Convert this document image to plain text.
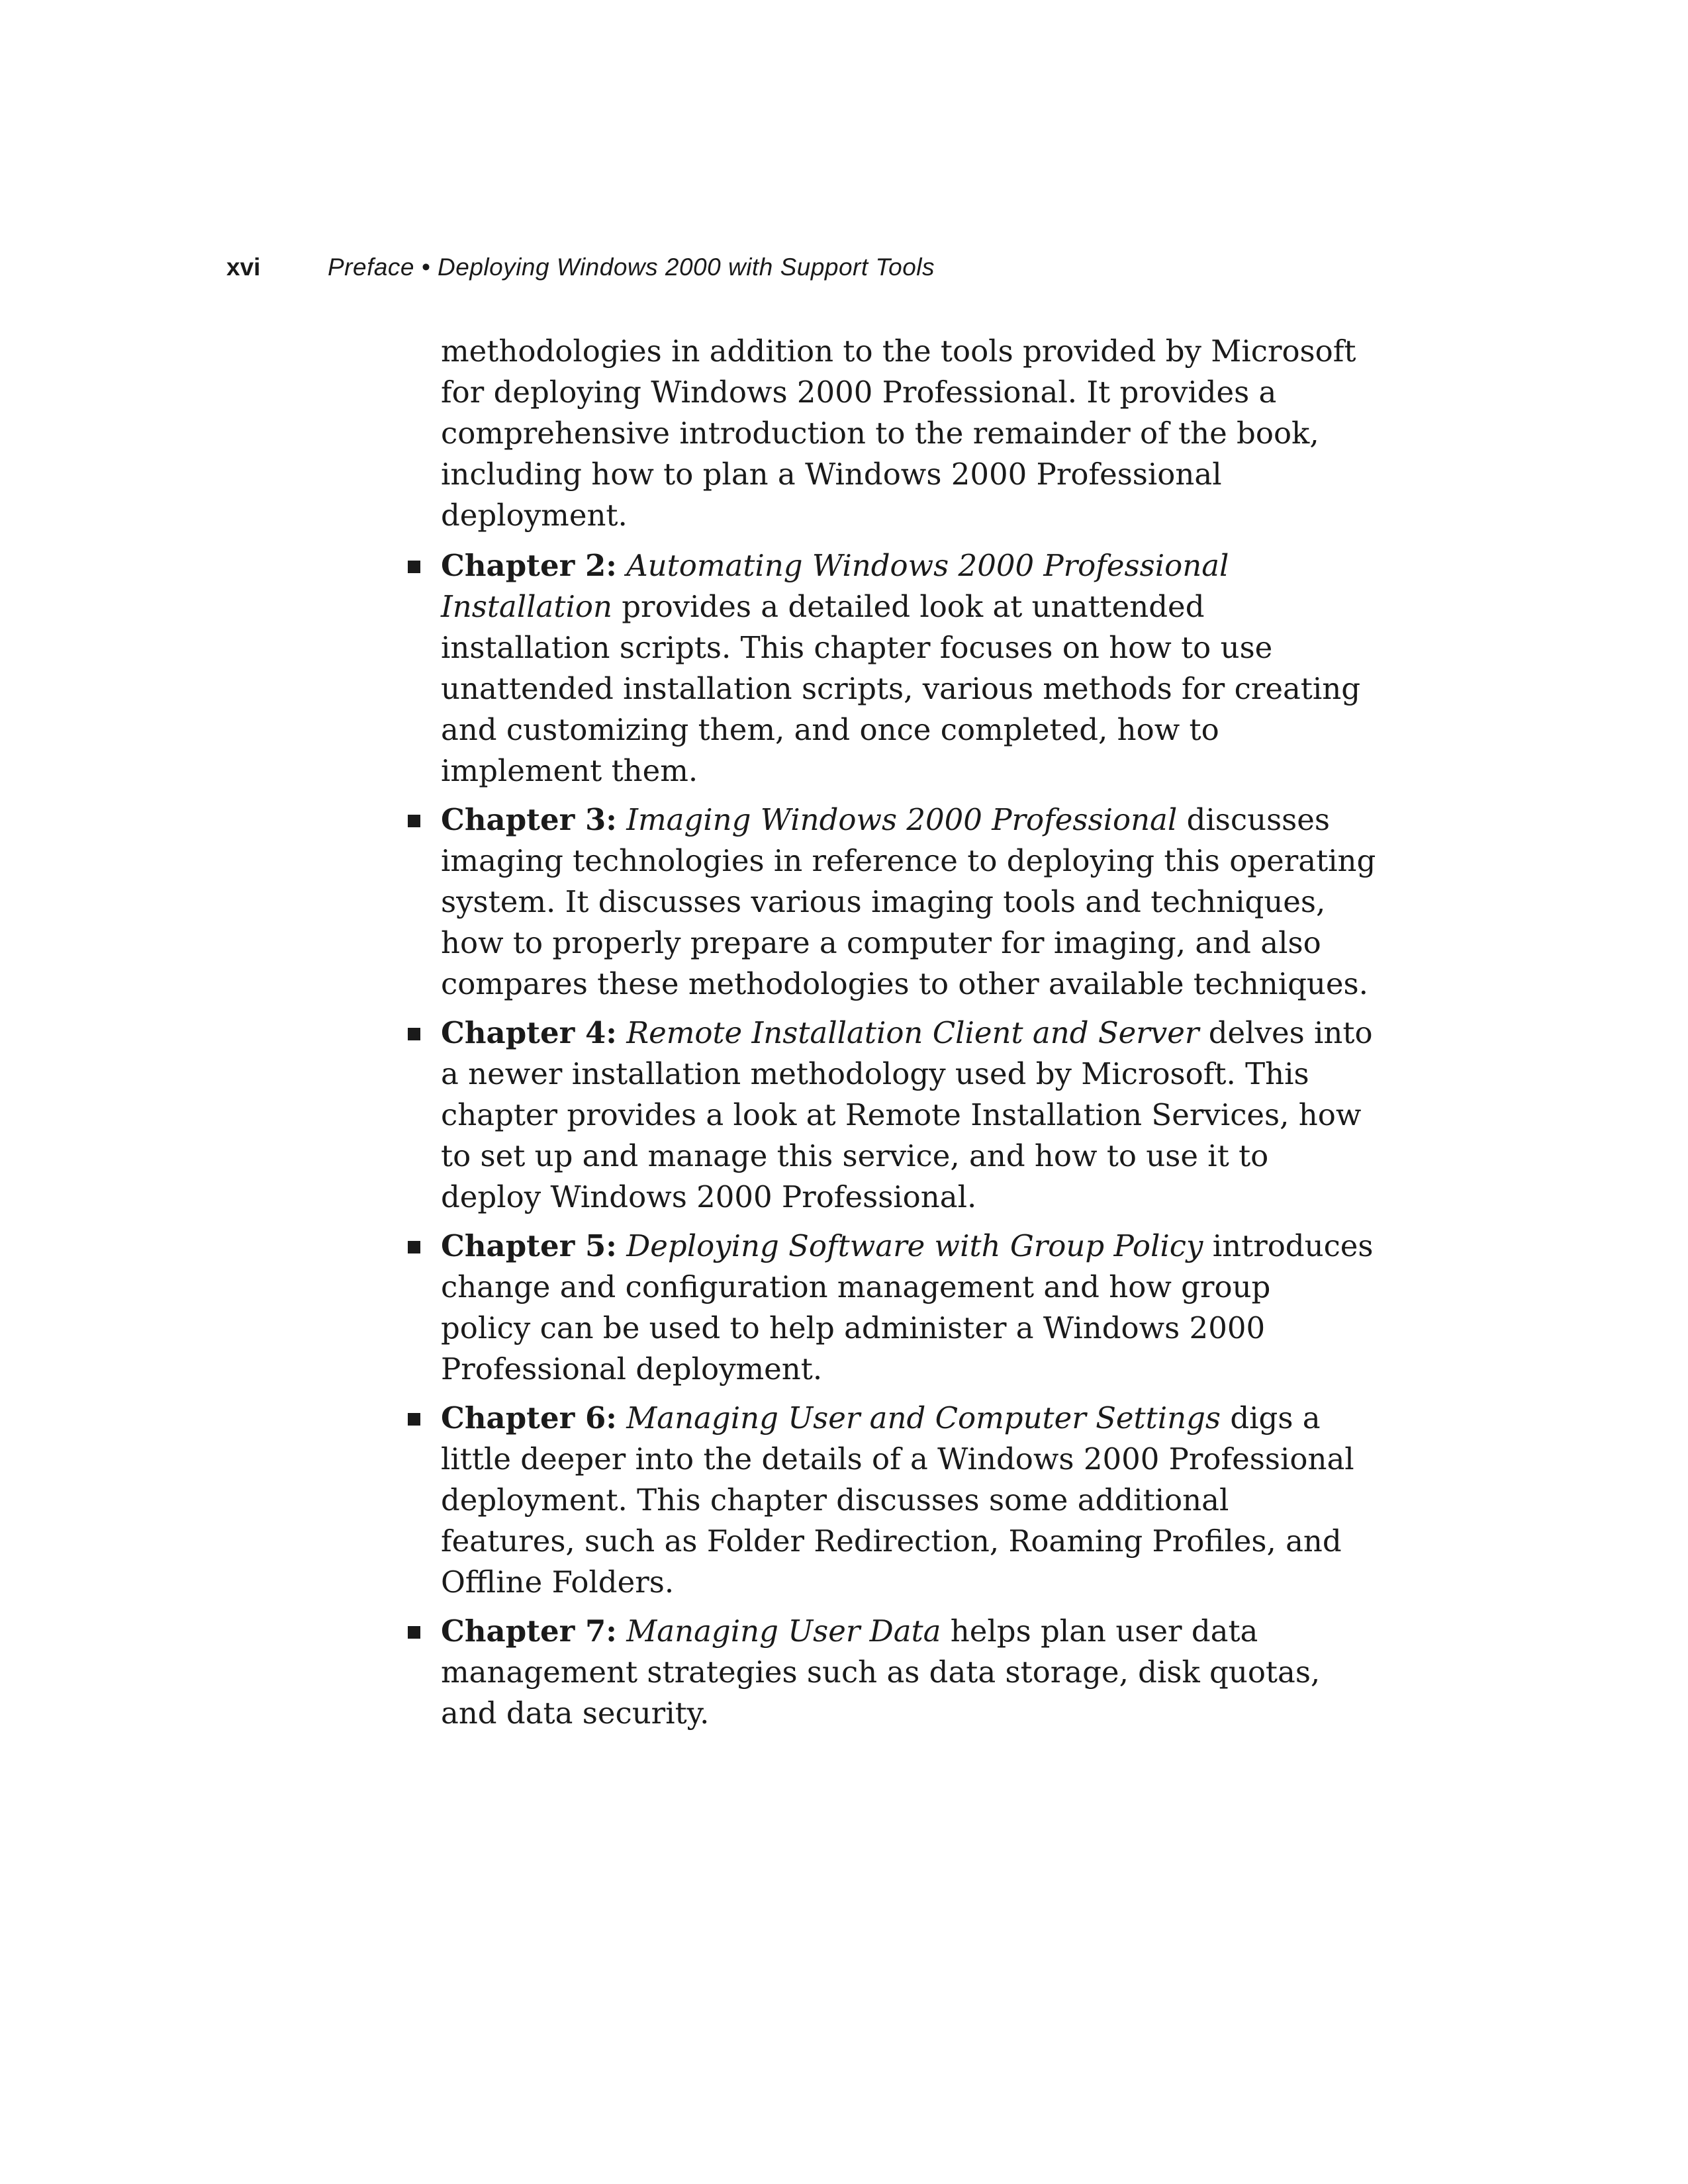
xvi	Preface • Deploying Windows 2000 with Support Tools
methodologies in addition to the tools provided by Microsoft
for deploying Windows 2000 Professional. It provides a
comprehensive introduction to the remainder of the book,
including how to plan a Windows 2000 Professional
deployment.
Chapter 2: Automating Windows 2000 Professional
Installation provides a detailed look at unattended
installation scripts. This chapter focuses on how to use
unattended installation scripts, various methods for creating
and customizing them, and once completed, how to
implement them.
Chapter 3: Imaging Windows 2000 Professional discusses
imaging technologies in reference to deploying this operating
system. It discusses various imaging tools and techniques,
how to properly prepare a computer for imaging, and also
compares these methodologies to other available techniques.
Chapter 4: Remote Installation Client and Server delves into
a newer installation methodology used by Microsoft. This
chapter provides a look at Remote Installation Services, how
to set up and manage this service, and how to use it to
deploy Windows 2000 Professional.
Chapter 5: Deploying Software with Group Policy introduces
change and configuration management and how group
policy can be used to help administer a Windows 2000
Professional deployment.
Chapter 6: Managing User and Computer Settings digs a
little deeper into the details of a Windows 2000 Professional
deployment. This chapter discusses some additional
features, such as Folder Redirection, Roaming Profiles, and
Offline Folders.
Chapter 7: Managing User Data helps plan user data
management strategies such as data storage, disk quotas,
and data security.
